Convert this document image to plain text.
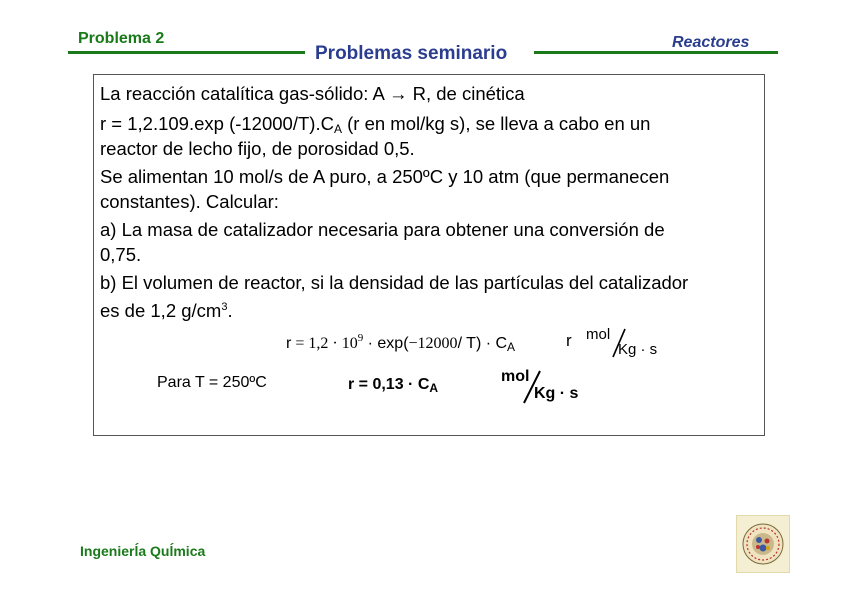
Problema 2
Problemas seminario
Reactores
La reacción catalítica gas-sólido: A → R, de cinética
r = 1,2.109.exp $(-12000/T).C_A$ (r en mol/kg s), se lleva a cabo en un
reactor de lecho fijo, de porosidad 0,5.
Se alimentan 10 mol/s de A puro, a 250ºC y 10 atm (que permanecen
constantes). Calcular:
a) La masa de catalizador necesaria para obtener una conversión de
0,75.
b) El volumen de reactor, si la densidad de las partículas del catalizador
es de 1,2 $g/cm^3$.
$r = 1,2 \cdot 10^9 \cdot \exp(-12000/$ $T) \cdot C_A$	r mol
Kg · s
Para T = 250ºC	$r = 0,13 \cdot C_A$
mol
Kg · s
Ingenierĺa Quĺmica
